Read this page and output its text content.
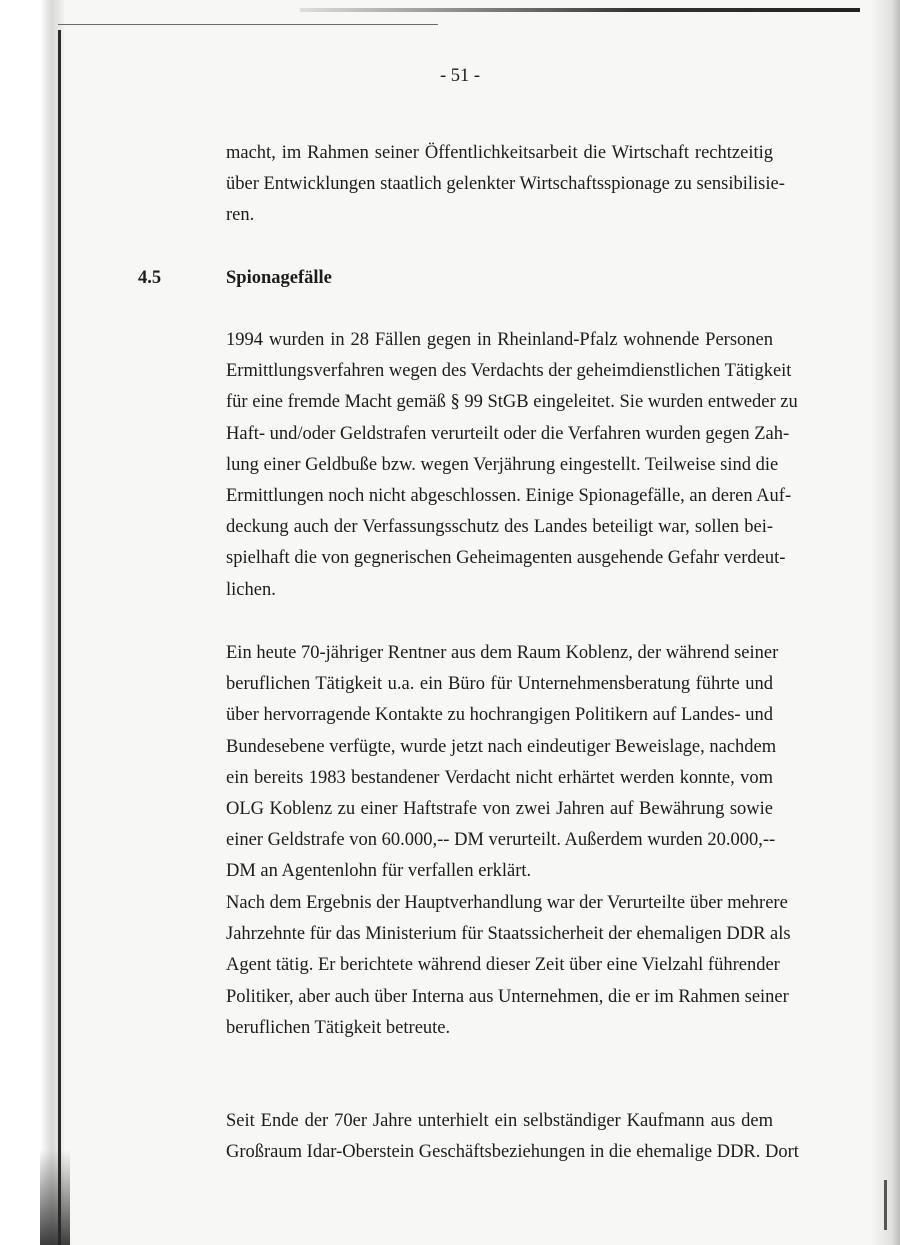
- 51 -

macht, im Rahmen seiner Öffentlichkeitsarbeit die Wirtschaft rechtzeitig
über Entwicklungen staatlich gelenkter Wirtschaftsspionage zu sensibilisie-
ren.

4.5	Spionagefälle

1994 wurden in 28 Fällen gegen in Rheinland-Pfalz wohnende Personen
Ermittlungsverfahren wegen des Verdachts der geheimdienstlichen Tätigkeit
für eine fremde Macht gemäß § 99 StGB eingeleitet. Sie wurden entweder zu
Haft- und/oder Geldstrafen verurteilt oder die Verfahren wurden gegen Zah-
lung einer Geldbuße bzw. wegen Verjährung eingestellt. Teilweise sind die
Ermittlungen noch nicht abgeschlossen. Einige Spionagefälle, an deren Auf-
deckung auch der Verfassungsschutz des Landes beteiligt war, sollen bei-
spielhaft die von gegnerischen Geheimagenten ausgehende Gefahr verdeut-
lichen.

Ein heute 70-jähriger Rentner aus dem Raum Koblenz, der während seiner
beruflichen Tätigkeit u.a. ein Büro für Unternehmensberatung führte und
über hervorragende Kontakte zu hochrangigen Politikern auf Landes- und
Bundesebene verfügte, wurde jetzt nach eindeutiger Beweislage, nachdem
ein bereits 1983 bestandener Verdacht nicht erhärtet werden konnte, vom
OLG Koblenz zu einer Haftstrafe von zwei Jahren auf Bewährung sowie
einer Geldstrafe von 60.000,-- DM verurteilt. Außerdem wurden 20.000,--
DM an Agentenlohn für verfallen erklärt.

Nach dem Ergebnis der Hauptverhandlung war der Verurteilte über mehrere
Jahrzehnte für das Ministerium für Staatssicherheit der ehemaligen DDR als
Agent tätig. Er berichtete während dieser Zeit über eine Vielzahl führender
Politiker, aber auch über Interna aus Unternehmen, die er im Rahmen seiner
beruflichen Tätigkeit betreute.

Seit Ende der 70er Jahre unterhielt ein selbständiger Kaufmann aus dem
Großraum Idar-Oberstein Geschäftsbeziehungen in die ehemalige DDR. Dort
